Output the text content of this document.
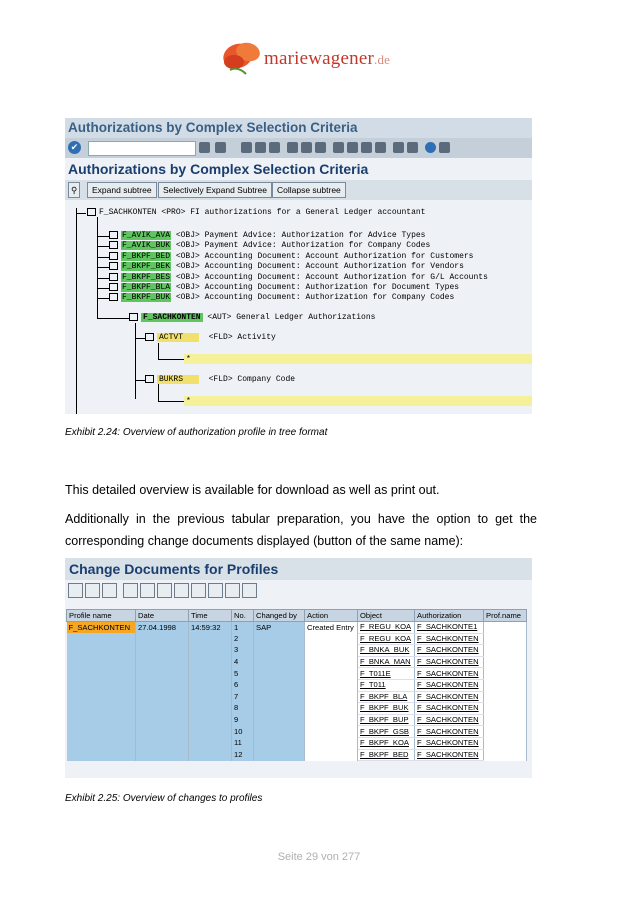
mariewagener.de
Authorizations by Complex Selection Criteria
✔
Authorizations by Complex Selection Criteria
⚲	Expand subtree	Selectively Expand Subtree	Collapse subtree
F_SACHKONTEN <PRO> FI authorizations for a General Ledger accountant
F_AVIK_AVA <OBJ> Payment Advice: Authorization for Advice Types
F_AVIK_BUK <OBJ> Payment Advice: Authorization for Company Codes
F_BKPF_BED <OBJ> Accounting Document: Account Authorization for Customers
F_BKPF_BEK <OBJ> Accounting Document: Account Authorization for Vendors
F_BKPF_BES <OBJ> Accounting Document: Account Authorization for G/L Accounts
F_BKPF_BLA <OBJ> Accounting Document: Authorization for Document Types
F_BKPF_BUK <OBJ> Accounting Document: Authorization for Company Codes
F_SACHKONTEN <AUT> General Ledger Authorizations
ACTVT	<FLD> Activity
*
BUKRS	<FLD> Company Code
*
Exhibit 2.24: Overview of authorization profile in tree format
This detailed overview is available for download as well as print out.
Additionally in the previous tabular preparation, you have the option to get the
corresponding change documents displayed (button of the same name):
Change Documents for Profiles
Profile name	Date	Time	No.	Changed by	Action	Object	Authorization	Prof.name
F_SACHKONTEN	27.04.1998	14:59:32	1	SAP	Created Entry	F_REGU_KOA	F_SACHKONTE1	
			2			F_REGU_KOA	F_SACHKONTEN	
			3			F_BNKA_BUK	F_SACHKONTEN	
			4			F_BNKA_MAN	F_SACHKONTEN	
			5			F_T011E	F_SACHKONTEN	
			6			F_T011	F_SACHKONTEN	
			7			F_BKPF_BLA	F_SACHKONTEN	
			8			F_BKPF_BUK	F_SACHKONTEN	
			9			F_BKPF_BUP	F_SACHKONTEN	
			10			F_BKPF_GSB	F_SACHKONTEN	
			11			F_BKPF_KOA	F_SACHKONTEN	
			12			F_BKPF_BED	F_SACHKONTEN	
Exhibit 2.25: Overview of changes to profiles
Seite 29 von 277
